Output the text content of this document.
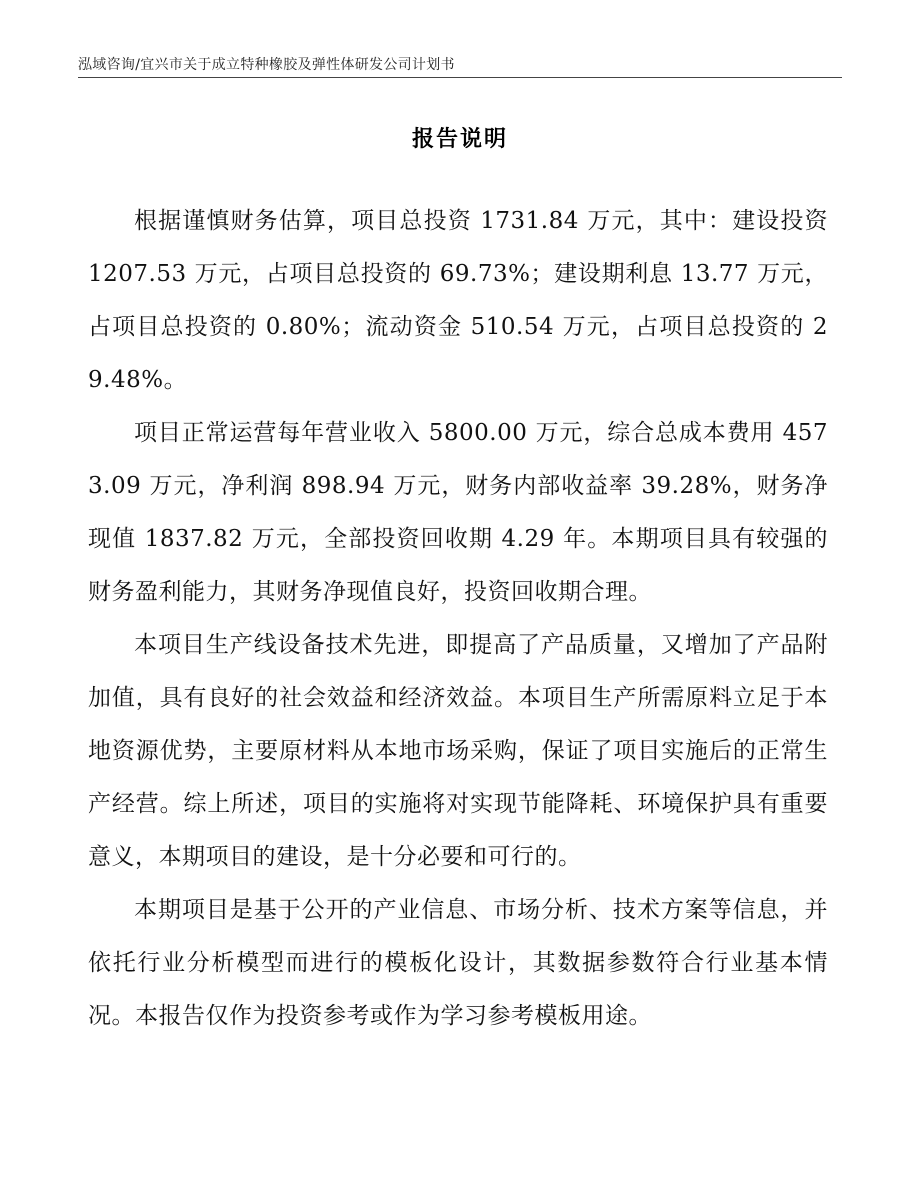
泓域咨询/宜兴市关于成立特种橡胶及弹性体研发公司计划书
报告说明

根据谨慎财务估算，项目总投资 1731.84 万元，其中：建设投资 1207.53 万元，占项目总投资的 69.73%；建设期利息 13.77 万元，占项目总投资的 0.80%；流动资金 510.54 万元，占项目总投资的 29.48%。

项目正常运营每年营业收入 5800.00 万元，综合总成本费用 4573.09 万元，净利润 898.94 万元，财务内部收益率 39.28%，财务净现值 1837.82 万元，全部投资回收期 4.29 年。本期项目具有较强的财务盈利能力，其财务净现值良好，投资回收期合理。

本项目生产线设备技术先进，即提高了产品质量，又增加了产品附加值，具有良好的社会效益和经济效益。本项目生产所需原料立足于本地资源优势，主要原材料从本地市场采购，保证了项目实施后的正常生产经营。综上所述，项目的实施将对实现节能降耗、环境保护具有重要意义，本期项目的建设，是十分必要和可行的。

本期项目是基于公开的产业信息、市场分析、技术方案等信息，并依托行业分析模型而进行的模板化设计，其数据参数符合行业基本情况。本报告仅作为投资参考或作为学习参考模板用途。
